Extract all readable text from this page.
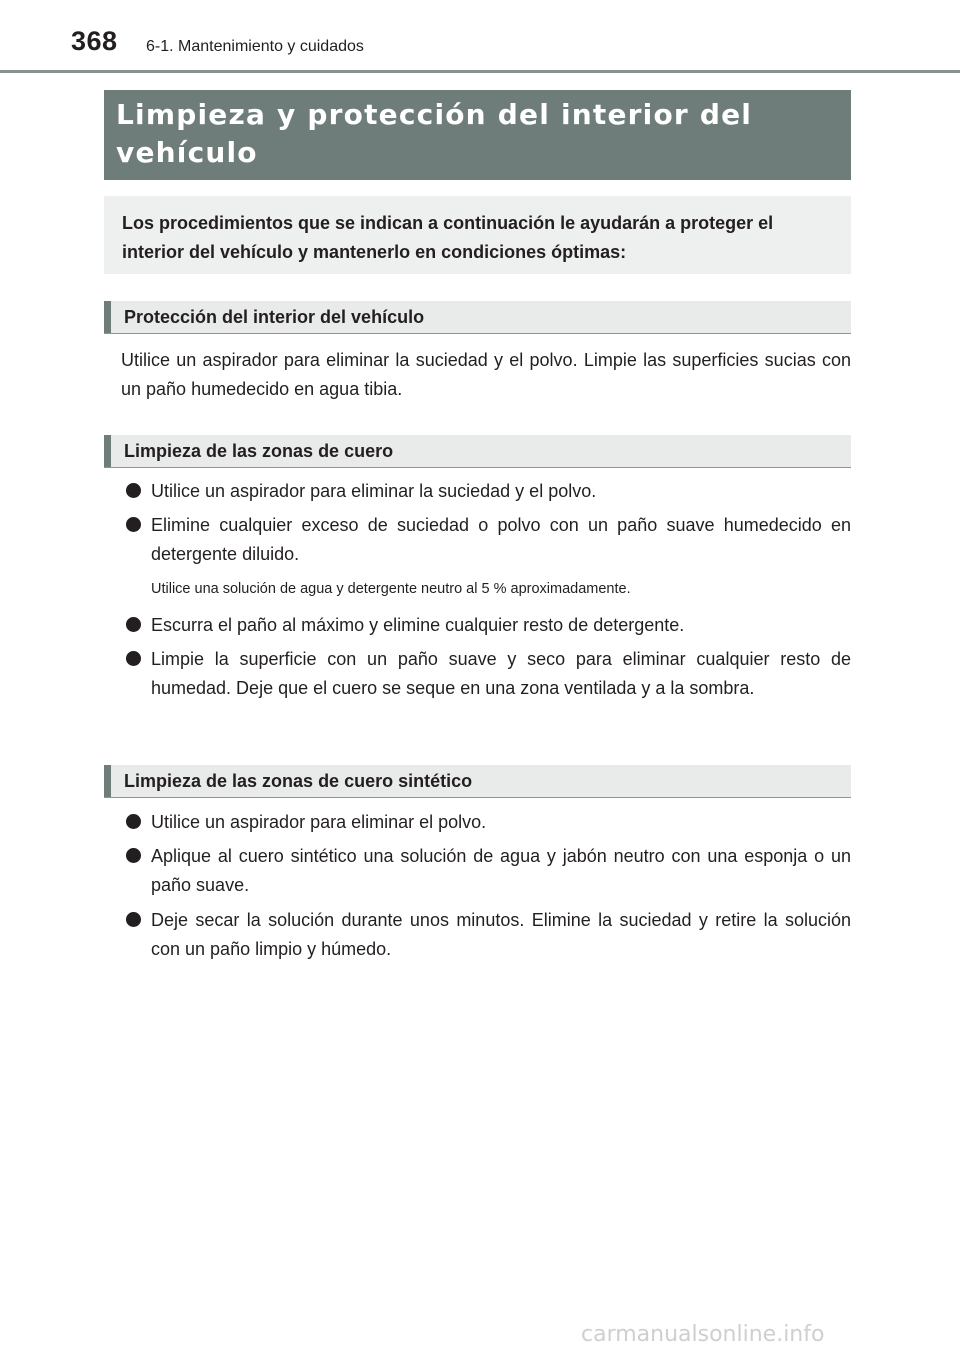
368 6-1. Mantenimiento y cuidados
Limpieza y protección del interior del vehículo
Los procedimientos que se indican a continuación le ayudarán a proteger el interior del vehículo y mantenerlo en condiciones óptimas:
Protección del interior del vehículo
Utilice un aspirador para eliminar la suciedad y el polvo. Limpie las superficies sucias con un paño humedecido en agua tibia.
Limpieza de las zonas de cuero
Utilice un aspirador para eliminar la suciedad y el polvo.
Elimine cualquier exceso de suciedad o polvo con un paño suave humedecido en detergente diluido.
Utilice una solución de agua y detergente neutro al 5 % aproximadamente.
Escurra el paño al máximo y elimine cualquier resto de detergente.
Limpie la superficie con un paño suave y seco para eliminar cualquier resto de humedad. Deje que el cuero se seque en una zona ventilada y a la sombra.
Limpieza de las zonas de cuero sintético
Utilice un aspirador para eliminar el polvo.
Aplique al cuero sintético una solución de agua y jabón neutro con una esponja o un paño suave.
Deje secar la solución durante unos minutos. Elimine la suciedad y retire la solución con un paño limpio y húmedo.
carmanualsonline.info
